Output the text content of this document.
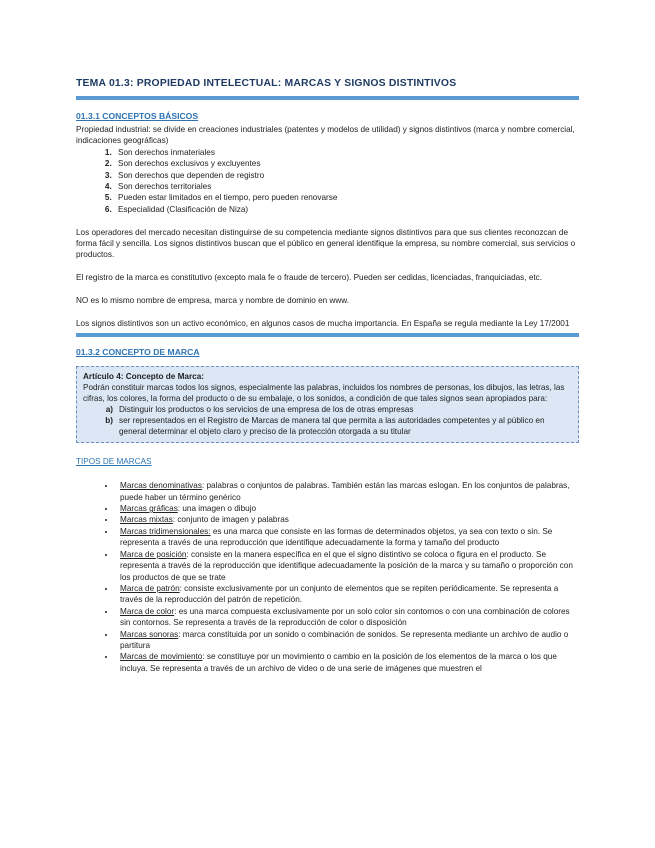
TEMA 01.3: PROPIEDAD INTELECTUAL: MARCAS Y SIGNOS DISTINTIVOS
01.3.1 CONCEPTOS BÁSICOS

Propiedad industrial: se divide en creaciones industriales (patentes y modelos de utilidad) y signos distintivos (marca y nombre comercial, indicaciones geográficas)

1. Son derechos inmateriales
2. Son derechos exclusivos y excluyentes
3. Son derechos que dependen de registro
4. Son derechos territoriales
5. Pueden estar limitados en el tiempo, pero pueden renovarse
6. Especialidad (Clasificación de Niza)

Los operadores del mercado necesitan distinguirse de su competencia mediante signos distintivos para que sus clientes reconozcan de forma fácil y sencilla. Los signos distintivos buscan que el público en general identifique la empresa, su nombre comercial, sus servicios o productos.

El registro de la marca es constitutivo (excepto mala fe o fraude de tercero). Pueden ser cedidas, licenciadas, franquiciadas, etc.

NO es lo mismo nombre de empresa, marca y nombre de dominio en www.

Los signos distintivos son un activo económico, en algunos casos de mucha importancia. En España se regula mediante la Ley 17/2001

01.3.2 CONCEPTO DE MARCA
Artículo 4: Concepto de Marca:
Podrán constituir marcas todos los signos, especialmente las palabras, incluidos los nombres de personas, los dibujos, las letras, las cifras, los colores, la forma del producto o de su embalaje, o los sonidos, a condición de que tales signos sean apropiados para:
a. Distinguir los productos o los servicios de una empresa de los de otras empresas
b. ser representados en el Registro de Marcas de manera tal que permita a las autoridades competentes y al público en general determinar el objeto claro y preciso de la protección otorgada a su titular
TIPOS DE MARCAS
• Marcas denominativas: palabras o conjuntos de palabras. También están las marcas eslogan. En los conjuntos de palabras, puede haber un término genérico
• Marcas gráficas: una imagen o dibujo
• Marcas mixtas: conjunto de imagen y palabras
• Marcas tridimensionales: es una marca que consiste en las formas de determinados objetos, ya sea con texto o sin. Se representa a través de una reproducción que identifique adecuadamente la forma y tamaño del producto
• Marca de posición: consiste en la manera específica en el que el signo distintivo se coloca o figura en el producto. Se representa a través de la reproducción que identifique adecuadamente la posición de la marca y su tamaño o proporción con los productos de que se trate
• Marca de patrón: consiste exclusivamente por un conjunto de elementos que se repiten periódicamente. Se representa a través de la reproducción del patrón de repetición.
• Marca de color: es una marca compuesta exclusivamente por un solo color sin contornos o con una combinación de colores sin contornos. Se representa a través de la reproducción de color o disposición
• Marcas sonoras: marca constituida por un sonido o combinación de sonidos. Se representa mediante un archivo de audio o partitura
• Marcas de movimiento: se constituye por un movimiento o cambio en la posición de los elementos de la marca o los que incluya. Se representa a través de un archivo de video o de una serie de imágenes que muestren el
